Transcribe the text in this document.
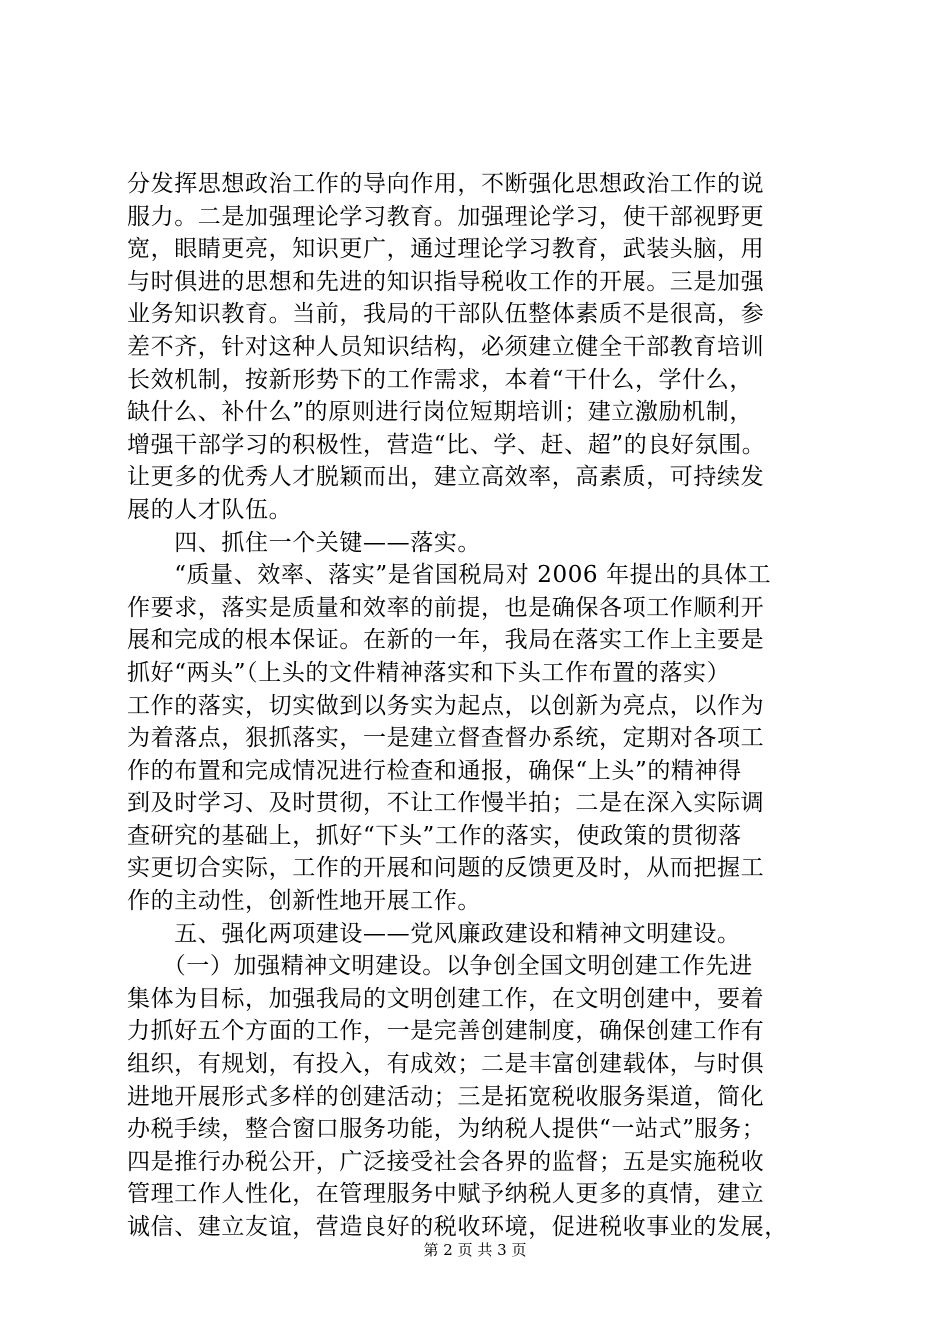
分发挥思想政治工作的导向作用，不断强化思想政治工作的说
服力。二是加强理论学习教育。加强理论学习，使干部视野更
宽，眼睛更亮，知识更广，通过理论学习教育，武装头脑，用
与时俱进的思想和先进的知识指导税收工作的开展。三是加强
业务知识教育。当前，我局的干部队伍整体素质不是很高，参
差不齐，针对这种人员知识结构，必须建立健全干部教育培训
长效机制，按新形势下的工作需求，本着“干什么，学什么，
缺什么、补什么”的原则进行岗位短期培训；建立激励机制，
增强干部学习的积极性，营造“比、学、赶、超”的良好氛围。
让更多的优秀人才脱颖而出，建立高效率，高素质，可持续发
展的人才队伍。
　　四、抓住一个关键——落实。
　　“质量、效率、落实”是省国税局对 2006 年提出的具体工
作要求，落实是质量和效率的前提，也是确保各项工作顺利开
展和完成的根本保证。在新的一年，我局在落实工作上主要是
抓好“两头”（上头的文件精神落实和下头工作布置的落实）
工作的落实，切实做到以务实为起点，以创新为亮点，以作为
为着落点，狠抓落实，一是建立督查督办系统，定期对各项工
作的布置和完成情况进行检查和通报，确保“上头”的精神得
到及时学习、及时贯彻，不让工作慢半拍；二是在深入实际调
查研究的基础上，抓好“下头”工作的落实，使政策的贯彻落
实更切合实际，工作的开展和问题的反馈更及时，从而把握工
作的主动性，创新性地开展工作。
　　五、强化两项建设——党风廉政建设和精神文明建设。
　　（一）加强精神文明建设。以争创全国文明创建工作先进
集体为目标，加强我局的文明创建工作，在文明创建中，要着
力抓好五个方面的工作，一是完善创建制度，确保创建工作有
组织，有规划，有投入，有成效；二是丰富创建载体，与时俱
进地开展形式多样的创建活动；三是拓宽税收服务渠道，简化
办税手续，整合窗口服务功能，为纳税人提供“一站式”服务；
四是推行办税公开，广泛接受社会各界的监督；五是实施税收
管理工作人性化，在管理服务中赋予纳税人更多的真情，建立
诚信、建立友谊，营造良好的税收环境，促进税收事业的发展，
第 2 页 共 3 页
